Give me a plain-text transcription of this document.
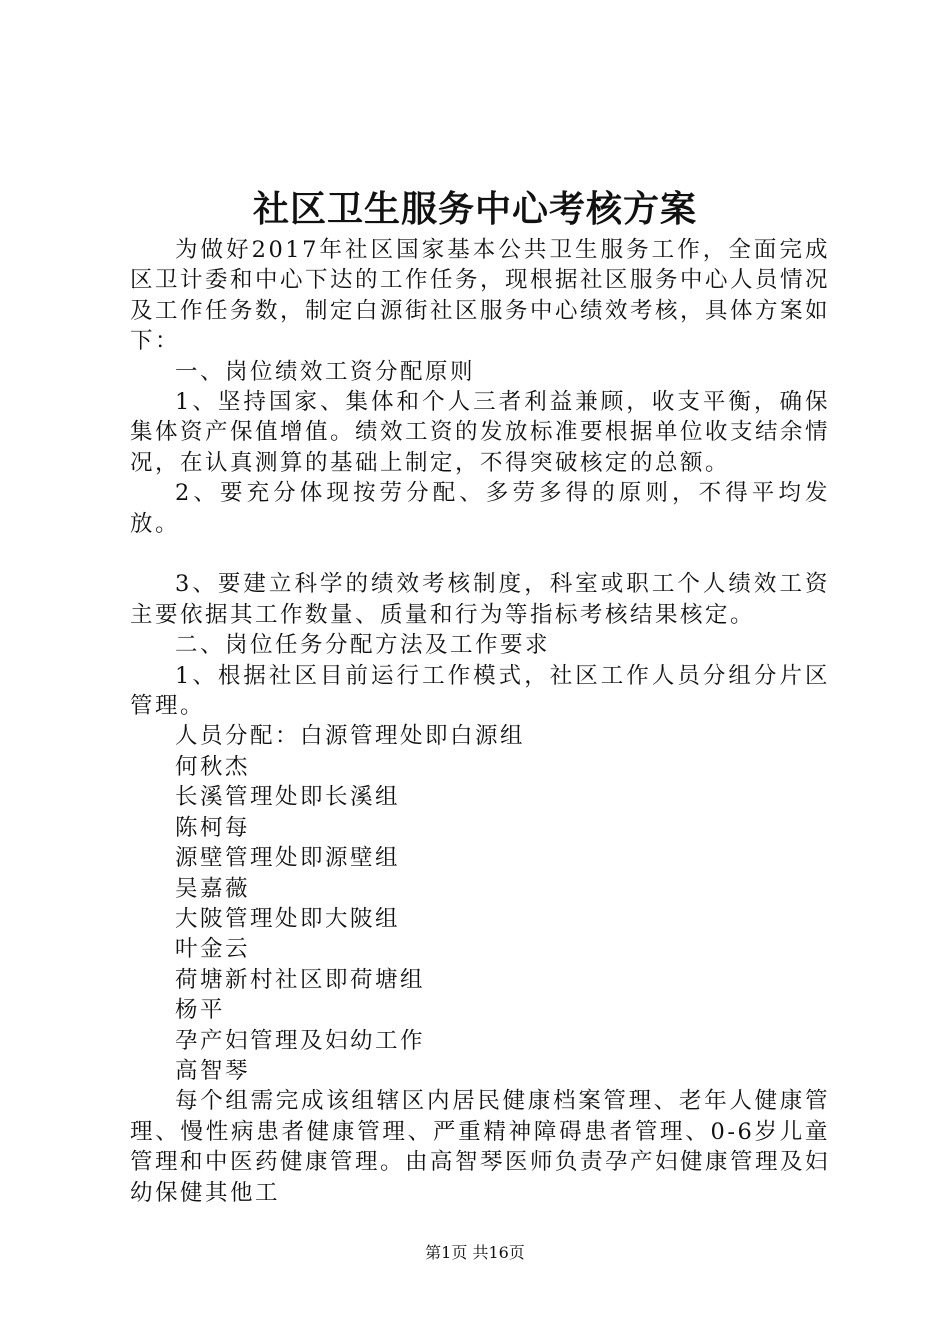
社区卫生服务中心考核方案

为做好2017年社区国家基本公共卫生服务工作，全面完成区卫计委和中心下达的工作任务，现根据社区服务中心人员情况及工作任务数，制定白源街社区服务中心绩效考核，具体方案如下：

一、岗位绩效工资分配原则

1、坚持国家、集体和个人三者利益兼顾，收支平衡，确保集体资产保值增值。绩效工资的发放标准要根据单位收支结余情况，在认真测算的基础上制定，不得突破核定的总额。

2、要充分体现按劳分配、多劳多得的原则，不得平均发放。

3、要建立科学的绩效考核制度，科室或职工个人绩效工资主要依据其工作数量、质量和行为等指标考核结果核定。

二、岗位任务分配方法及工作要求

1、根据社区目前运行工作模式，社区工作人员分组分片区管理。

人员分配：白源管理处即白源组

何秋杰

长溪管理处即长溪组

陈柯每

源壁管理处即源壁组

吴嘉薇

大陂管理处即大陂组

叶金云

荷塘新村社区即荷塘组

杨平

孕产妇管理及妇幼工作

高智琴

每个组需完成该组辖区内居民健康档案管理、老年人健康管理、慢性病患者健康管理、严重精神障碍患者管理、0-6岁儿童管理和中医药健康管理。由高智琴医师负责孕产妇健康管理及妇幼保健其他工

第1页 共16页
